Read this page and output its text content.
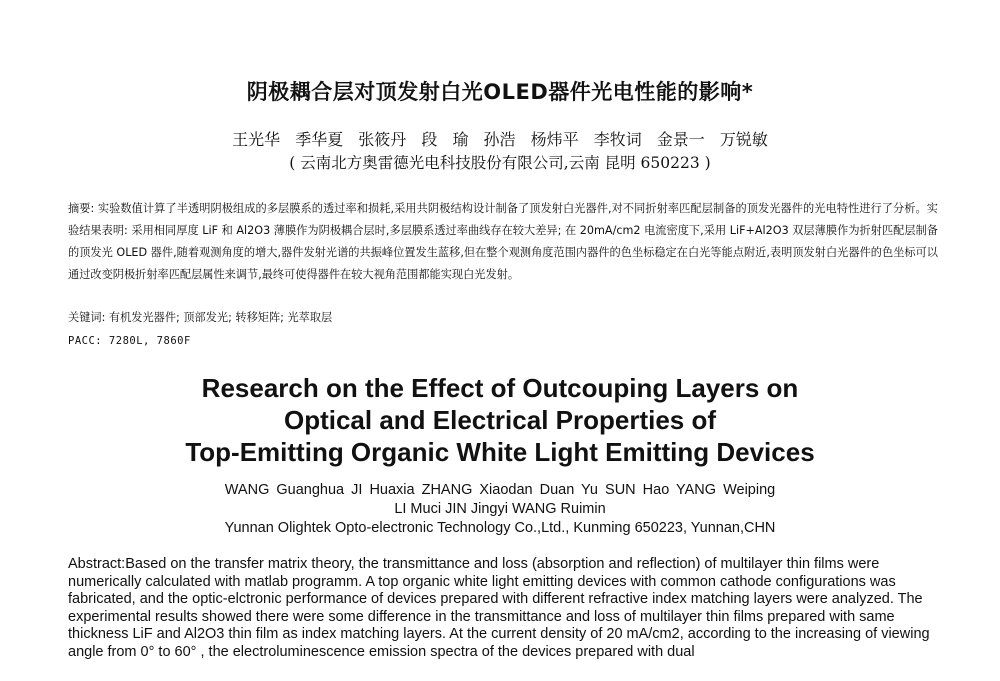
阴极耦合层对顶发射白光OLED器件光电性能的影响*
王光华 季华夏 张筱丹 段 瑜 孙浩 杨炜平 李牧词 金景一 万锐敏
( 云南北方奥雷德光电科技股份有限公司,云南 昆明 650223 )
摘要: 实验数值计算了半透明阴极组成的多层膜系的透过率和损耗,采用共阴极结构设计制备了顶发射白光器件,对不同折射率匹配层制备的顶发光器件的光电特性进行了分析。实验结果表明: 采用相同厚度 LiF 和 Al2O3 薄膜作为阴极耦合层时,多层膜系透过率曲线存在较大差异; 在 20mA/cm2 电流密度下,采用 LiF+Al2O3 双层薄膜作为折射匹配层制备的顶发光 OLED 器件,随着观测角度的增大,器件发射光谱的共振峰位置发生蓝移,但在整个观测角度范围内器件的色坐标稳定在白光等能点附近,表明顶发射白光器件的色坐标可以通过改变阴极折射率匹配层属性来调节,最终可使得器件在较大视角范围都能实现白光发射。
关键词: 有机发光器件; 顶部发光; 转移矩阵; 光萃取层
PACC: 7280L, 7860F
Research on the Effect of Outcouping Layers on
Optical and Electrical Properties of
Top-Emitting Organic White Light Emitting Devices
WANG Guanghua JI Huaxia ZHANG Xiaodan Duan Yu SUN Hao YANG Weiping
LI Muci JIN Jingyi WANG Ruimin
Yunnan Olightek Opto-electronic Technology Co.,Ltd., Kunming 650223, Yunnan,CHN
Abstract:Based on the transfer matrix theory, the transmittance and loss (absorption and reflection) of multilayer thin films were numerically calculated with matlab programm. A top organic white light emitting devices with common cathode configurations was fabricated, and the optic-elctronic performance of devices prepared with different refractive index matching layers were analyzed. The experimental results showed there were some difference in the transmittance and loss of multilayer thin films prepared with same thickness LiF and Al2O3 thin film as index matching layers. At the current density of 20 mA/cm2, according to the increasing of viewing angle from 0° to 60° , the electroluminescence emission spectra of the devices prepared with dual
